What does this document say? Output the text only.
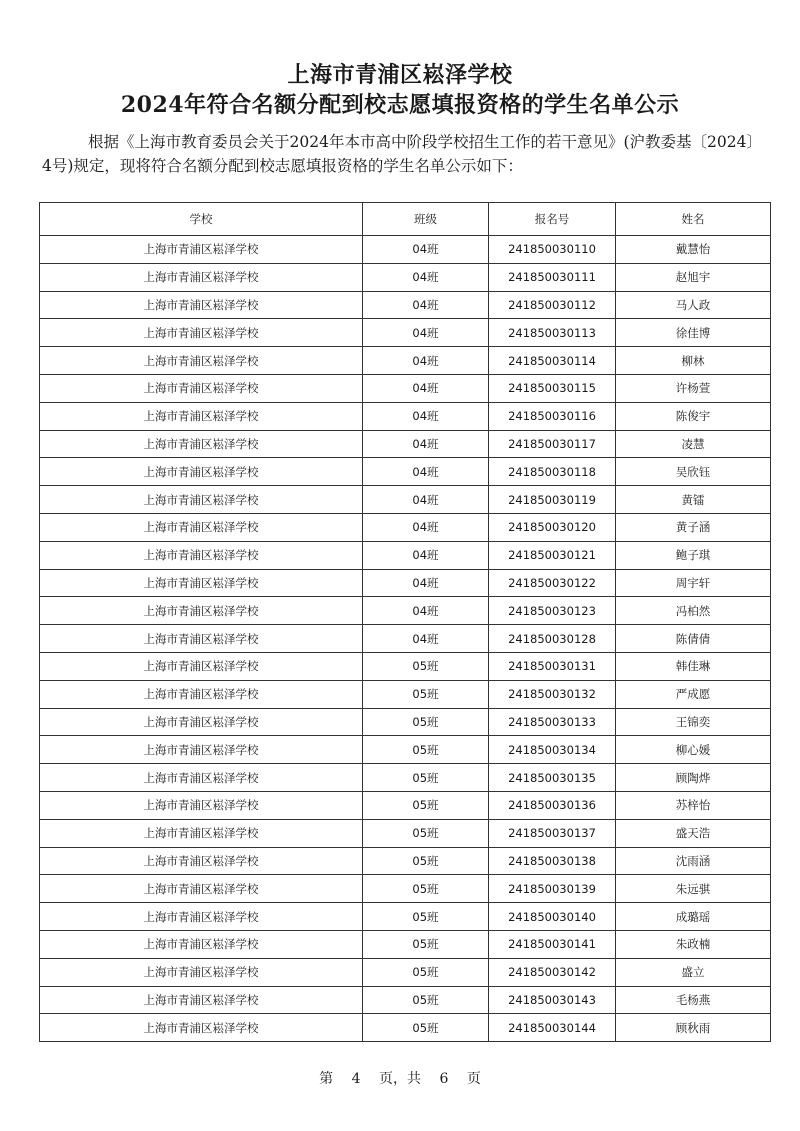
上海市青浦区崧泽学校
2024年符合名额分配到校志愿填报资格的学生名单公示
根据《上海市教育委员会关于2024年本市高中阶段学校招生工作的若干意见》(沪教委基〔2024〕4号)规定，现将符合名额分配到校志愿填报资格的学生名单公示如下：
学校	班级	报名号	姓名
上海市青浦区崧泽学校	04班	241850030110	戴慧怡
上海市青浦区崧泽学校	04班	241850030111	赵旭宇
上海市青浦区崧泽学校	04班	241850030112	马人政
上海市青浦区崧泽学校	04班	241850030113	徐佳博
上海市青浦区崧泽学校	04班	241850030114	柳林
上海市青浦区崧泽学校	04班	241850030115	许杨萱
上海市青浦区崧泽学校	04班	241850030116	陈俊宇
上海市青浦区崧泽学校	04班	241850030117	凌慧
上海市青浦区崧泽学校	04班	241850030118	吴欣钰
上海市青浦区崧泽学校	04班	241850030119	黄镭
上海市青浦区崧泽学校	04班	241850030120	黄子涵
上海市青浦区崧泽学校	04班	241850030121	鲍子琪
上海市青浦区崧泽学校	04班	241850030122	周宇轩
上海市青浦区崧泽学校	04班	241850030123	冯柏然
上海市青浦区崧泽学校	04班	241850030128	陈倩倩
上海市青浦区崧泽学校	05班	241850030131	韩佳琳
上海市青浦区崧泽学校	05班	241850030132	严成愿
上海市青浦区崧泽学校	05班	241850030133	王锦奕
上海市青浦区崧泽学校	05班	241850030134	柳心媛
上海市青浦区崧泽学校	05班	241850030135	顾陶烨
上海市青浦区崧泽学校	05班	241850030136	苏梓怡
上海市青浦区崧泽学校	05班	241850030137	盛天浩
上海市青浦区崧泽学校	05班	241850030138	沈雨涵
上海市青浦区崧泽学校	05班	241850030139	朱远骐
上海市青浦区崧泽学校	05班	241850030140	成璐瑶
上海市青浦区崧泽学校	05班	241850030141	朱政楠
上海市青浦区崧泽学校	05班	241850030142	盛立
上海市青浦区崧泽学校	05班	241850030143	毛杨燕
上海市青浦区崧泽学校	05班	241850030144	顾秋雨
第 4 页，共 6 页
